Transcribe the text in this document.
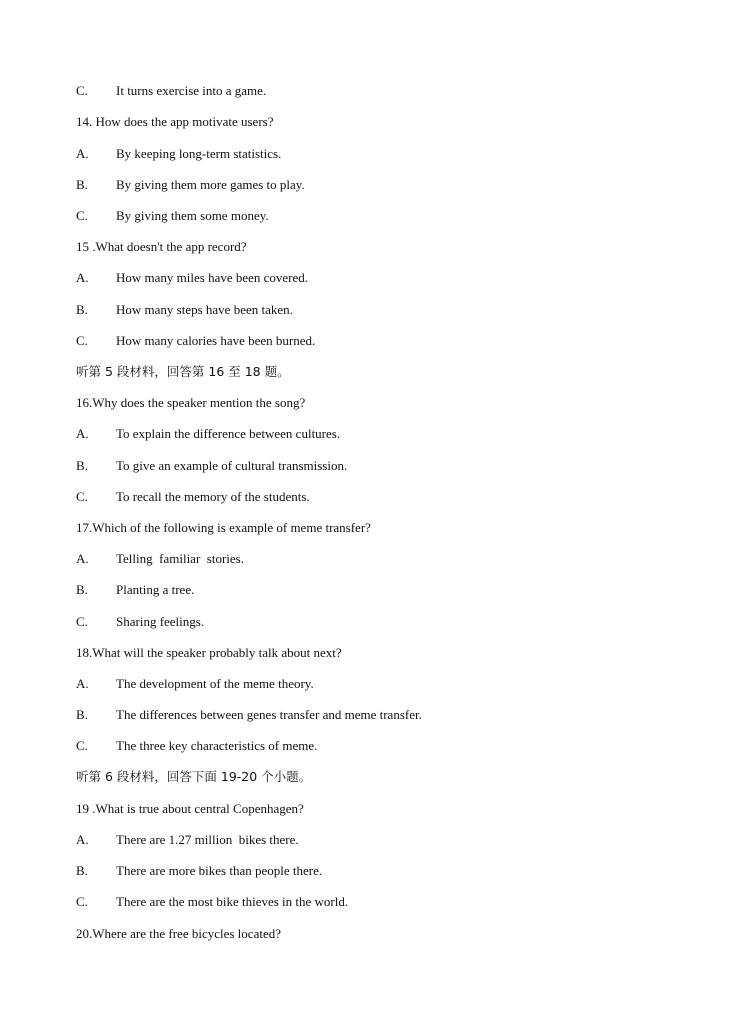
C. It turns exercise into a game.
14. How does the app motivate users?
A. By keeping long-term statistics.
B. By giving them more games to play.
C. By giving them some money.
15 .What doesn't the app record?
A. How many miles have been covered.
B. How many steps have been taken.
C. How many calories have been burned.
听第 5 段材料，回答第 16 至 18 题。
16.Why does the speaker mention the song?
A. To explain the difference between cultures.
B. To give an example of cultural transmission.
C. To recall the memory of the students.
17.Which of the following is example of meme transfer?
A. Telling  familiar  stories.
B. Planting a tree.
C. Sharing feelings.
18.What will the speaker probably talk about next?
A. The development of the meme theory.
B. The differences between genes transfer and meme transfer.
C. The three key characteristics of meme.
听第 6 段材料，回答下面 19-20 个小题。
19 .What is true about central Copenhagen?
A. There are 1.27 million  bikes there.
B. There are more bikes than people there.
C. There are the most bike thieves in the world.
20.Where are the free bicycles located?
